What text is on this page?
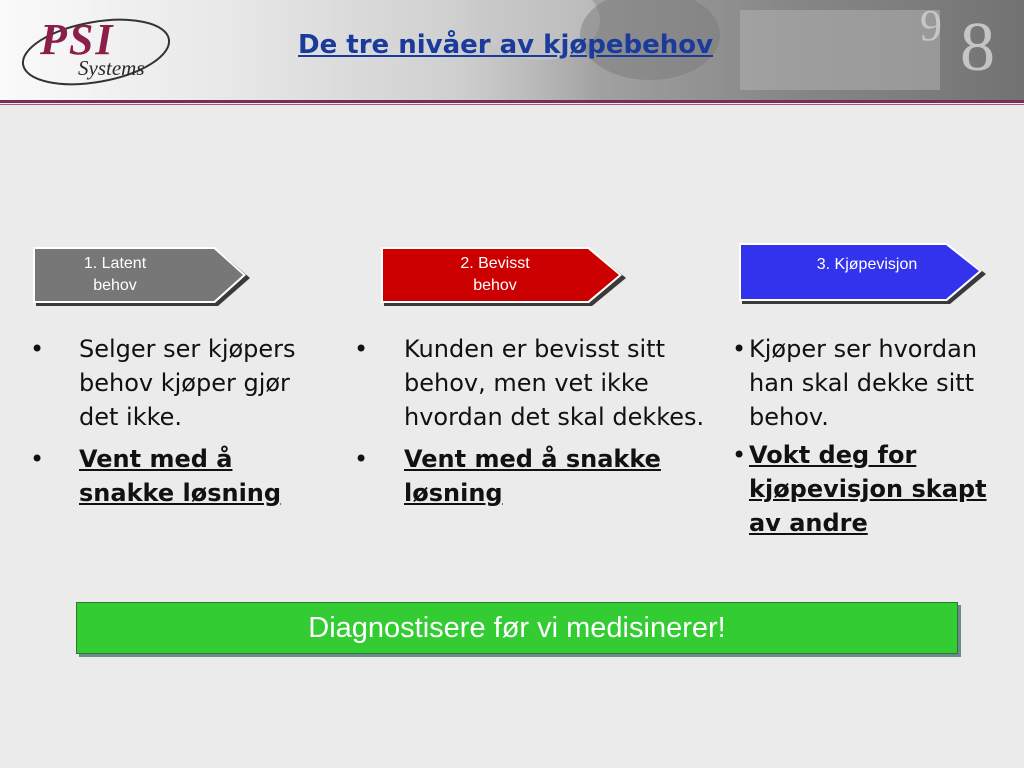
8
9
PSI
Systems
De tre nivåer av kjøpebehov
1. Latent
behov
2. Bevisst
behov
3. Kjøpevisjon
• Selger ser kjøpers behov kjøper gjør det ikke.
• Vent med å snakke løsning
• Kunden er bevisst sitt behov, men vet ikke hvordan det skal dekkes.
• Vent med å snakke løsning
• Kjøper ser hvordan han skal dekke sitt behov.
• Vokt deg for kjøpevisjon skapt av andre
Diagnostisere før vi medisinerer!
